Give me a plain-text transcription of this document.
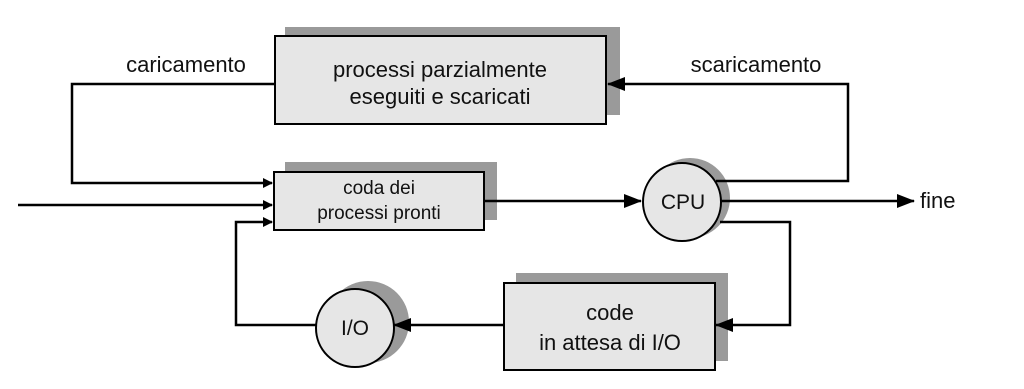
processi parzialmente
eseguiti e scaricati
coda dei
processi pronti	CPU
code
in attesa di I/O
I/O
caricamento	scaricamento
fine
